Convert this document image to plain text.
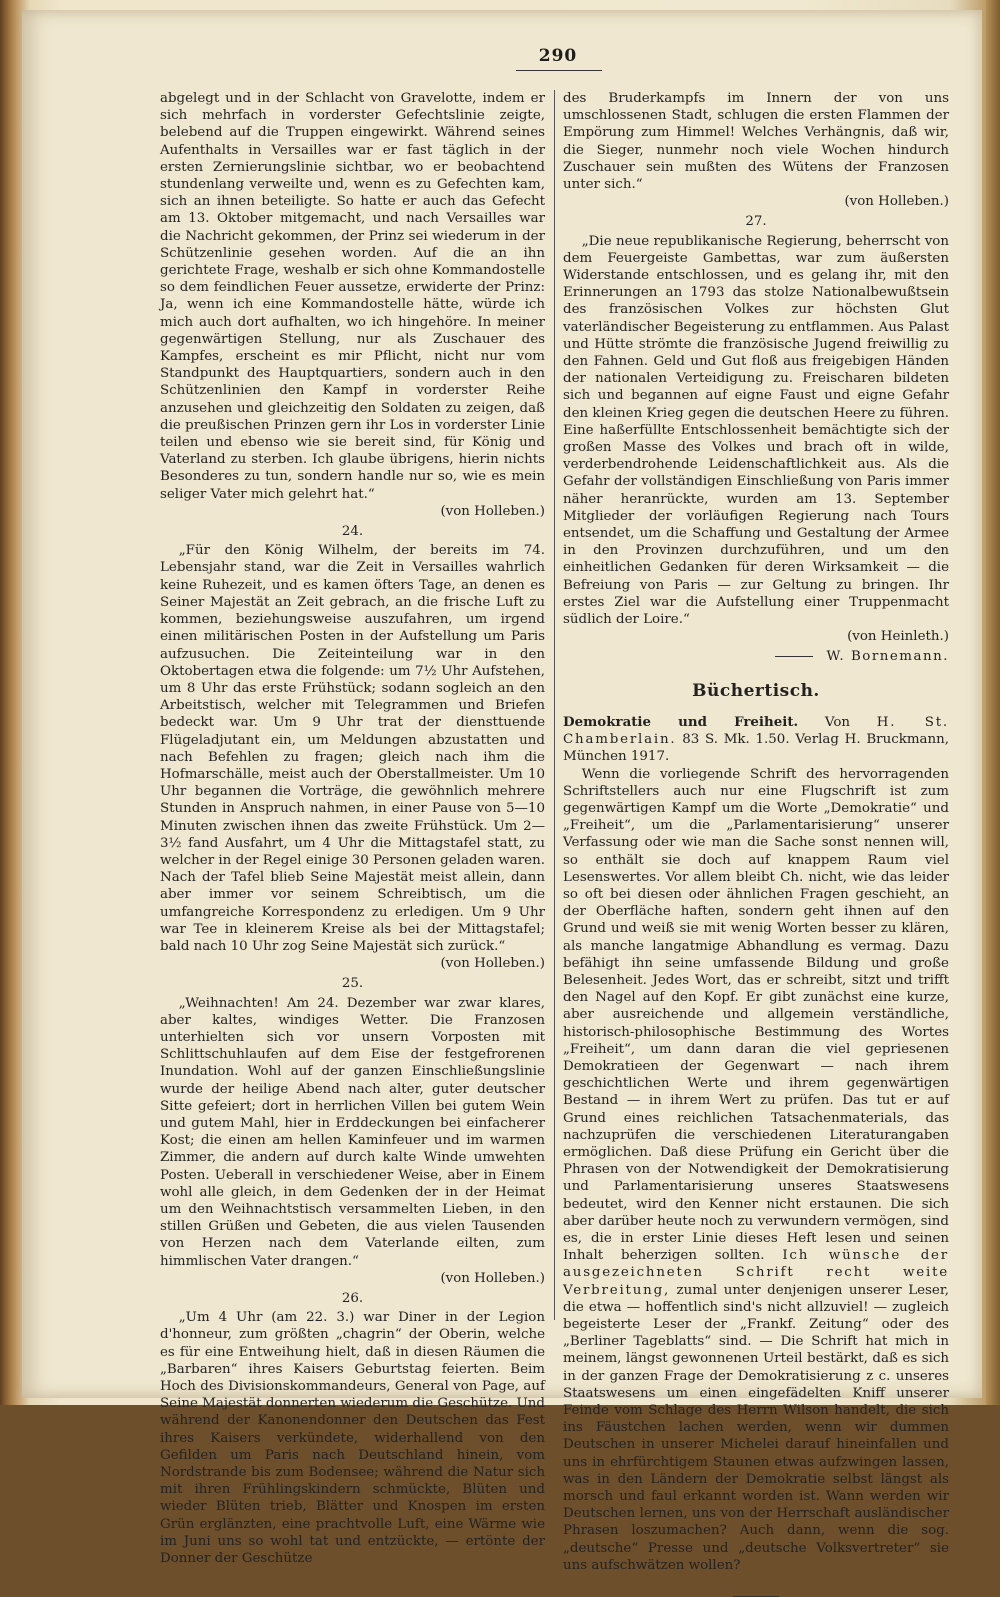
290

abgelegt und in der Schlacht von Gravelotte, indem er sich mehrfach in vorderster Gefechtslinie zeigte, belebend auf die Truppen eingewirkt. Während seines Aufenthalts in Versailles war er fast täglich in der ersten Zernierungslinie sichtbar, wo er beobachtend stundenlang verweilte und, wenn es zu Gefechten kam, sich an ihnen beteiligte. So hatte er auch das Gefecht am 13. Oktober mitgemacht, und nach Versailles war die Nachricht gekommen, der Prinz sei wiederum in der Schützenlinie gesehen worden. Auf die an ihn gerichtete Frage, weshalb er sich ohne Kommandostelle so dem feindlichen Feuer aussetze, erwiderte der Prinz: Ja, wenn ich eine Kommandostelle hätte, würde ich mich auch dort aufhalten, wo ich hingehöre. In meiner gegenwärtigen Stellung, nur als Zuschauer des Kampfes, erscheint es mir Pflicht, nicht nur vom Standpunkt des Hauptquartiers, sondern auch in den Schützenlinien den Kampf in vorderster Reihe anzusehen und gleichzeitig den Soldaten zu zeigen, daß die preußischen Prinzen gern ihr Los in vorderster Linie teilen und ebenso wie sie bereit sind, für König und Vaterland zu sterben. Ich glaube übrigens, hierin nichts Besonderes zu tun, sondern handle nur so, wie es mein seliger Vater mich gelehrt hat.“

(von Holleben.)
24.

„Für den König Wilhelm, der bereits im 74. Lebensjahr stand, war die Zeit in Versailles wahrlich keine Ruhezeit, und es kamen öfters Tage, an denen es Seiner Majestät an Zeit gebrach, an die frische Luft zu kommen, beziehungsweise auszufahren, um irgend einen militärischen Posten in der Aufstellung um Paris aufzusuchen. Die Zeiteinteilung war in den Oktobertagen etwa die folgende: um 7½ Uhr Aufstehen, um 8 Uhr das erste Frühstück; sodann sogleich an den Arbeitstisch, welcher mit Telegrammen und Briefen bedeckt war. Um 9 Uhr trat der diensttuende Flügeladjutant ein, um Meldungen abzustatten und nach Befehlen zu fragen; gleich nach ihm die Hofmarschälle, meist auch der Oberstallmeister. Um 10 Uhr begannen die Vorträge, die gewöhnlich mehrere Stunden in Anspruch nahmen, in einer Pause von 5—10 Minuten zwischen ihnen das zweite Frühstück. Um 2—3½ fand Ausfahrt, um 4 Uhr die Mittagstafel statt, zu welcher in der Regel einige 30 Personen geladen waren. Nach der Tafel blieb Seine Majestät meist allein, dann aber immer vor seinem Schreibtisch, um die umfangreiche Korrespondenz zu erledigen. Um 9 Uhr war Tee in kleinerem Kreise als bei der Mittagstafel; bald nach 10 Uhr zog Seine Majestät sich zurück.“

(von Holleben.)
25.

„Weihnachten! Am 24. Dezember war zwar klares, aber kaltes, windiges Wetter. Die Franzosen unterhielten sich vor unsern Vorposten mit Schlittschuhlaufen auf dem Eise der festgefrorenen Inundation. Wohl auf der ganzen Einschließungslinie wurde der heilige Abend nach alter, guter deutscher Sitte gefeiert; dort in herrlichen Villen bei gutem Wein und gutem Mahl, hier in Erddeckungen bei einfacherer Kost; die einen am hellen Kaminfeuer und im warmen Zimmer, die andern auf durch kalte Winde umwehten Posten. Ueberall in verschiedener Weise, aber in Einem wohl alle gleich, in dem Gedenken der in der Heimat um den Weihnachtstisch versammelten Lieben, in den stillen Grüßen und Gebeten, die aus vielen Tausenden von Herzen nach dem Vaterlande eilten, zum himmlischen Vater drangen.“

(von Holleben.)
26.

„Um 4 Uhr (am 22. 3.) war Diner in der Legion d'honneur, zum größten „chagrin“ der Oberin, welche es für eine Entweihung hielt, daß in diesen Räumen die „Barbaren“ ihres Kaisers Geburtstag feierten. Beim Hoch des Divisionskommandeurs, General von Page, auf Seine Majestät donnerten wiederum die Geschütze. Und während der Kanonendonner den Deutschen das Fest ihres Kaisers verkündete, widerhallend von den Gefilden um Paris nach Deutschland hinein, vom Nordstrande bis zum Bodensee; während die Natur sich mit ihren Frühlingskindern schmückte, Blüten und wieder Blüten trieb, Blätter und Knospen im ersten Grün erglänzten, eine prachtvolle Luft, eine Wärme wie im Juni uns so wohl tat und entzückte, — ertönte der Donner der Geschütze

des Bruderkampfs im Innern der von uns umschlossenen Stadt, schlugen die ersten Flammen der Empörung zum Himmel! Welches Verhängnis, daß wir, die Sieger, nunmehr noch viele Wochen hindurch Zuschauer sein mußten des Wütens der Franzosen unter sich.“

(von Holleben.)
27.

„Die neue republikanische Regierung, beherrscht von dem Feuergeiste Gambettas, war zum äußersten Widerstande entschlossen, und es gelang ihr, mit den Erinnerungen an 1793 das stolze Nationalbewußtsein des französischen Volkes zur höchsten Glut vaterländischer Begeisterung zu entflammen. Aus Palast und Hütte strömte die französische Jugend freiwillig zu den Fahnen. Geld und Gut floß aus freigebigen Händen der nationalen Verteidigung zu. Freischaren bildeten sich und begannen auf eigne Faust und eigne Gefahr den kleinen Krieg gegen die deutschen Heere zu führen. Eine haßerfüllte Entschlossenheit bemächtigte sich der großen Masse des Volkes und brach oft in wilde, verderbendrohende Leidenschaftlichkeit aus. Als die Gefahr der vollständigen Einschließung von Paris immer näher heranrückte, wurden am 13. September Mitglieder der vorläufigen Regierung nach Tours entsendet, um die Schaffung und Gestaltung der Armee in den Provinzen durchzuführen, und um den einheitlichen Gedanken für deren Wirksamkeit — die Befreiung von Paris — zur Geltung zu bringen. Ihr erstes Ziel war die Aufstellung einer Truppenmacht südlich der Loire.“

(von Heinleth.)
W. Bornemann.
Büchertisch.

Demokratie und Freiheit. Von H. St. Chamberlain. 83 S. Mk. 1.50. Verlag H. Bruckmann, München 1917.

Wenn die vorliegende Schrift des hervorragenden Schriftstellers auch nur eine Flugschrift ist zum gegenwärtigen Kampf um die Worte „Demokratie“ und „Freiheit“, um die „Parlamentarisierung“ unserer Verfassung oder wie man die Sache sonst nennen will, so enthält sie doch auf knappem Raum viel Lesenswertes. Vor allem bleibt Ch. nicht, wie das leider so oft bei diesen oder ähnlichen Fragen geschieht, an der Oberfläche haften, sondern geht ihnen auf den Grund und weiß sie mit wenig Worten besser zu klären, als manche langatmige Abhandlung es vermag. Dazu befähigt ihn seine umfassende Bildung und große Belesenheit. Jedes Wort, das er schreibt, sitzt und trifft den Nagel auf den Kopf. Er gibt zunächst eine kurze, aber ausreichende und allgemein verständliche, historisch-philosophische Bestimmung des Wortes „Freiheit“, um dann daran die viel gepriesenen Demokratieen der Gegenwart — nach ihrem geschichtlichen Werte und ihrem gegenwärtigen Bestand — in ihrem Wert zu prüfen. Das tut er auf Grund eines reichlichen Tatsachenmaterials, das nachzuprüfen die verschiedenen Literaturangaben ermöglichen. Daß diese Prüfung ein Gericht über die Phrasen von der Notwendigkeit der Demokratisierung und Parlamentarisierung unseres Staatswesens bedeutet, wird den Kenner nicht erstaunen. Die sich aber darüber heute noch zu verwundern vermögen, sind es, die in erster Linie dieses Heft lesen und seinen Inhalt beherzigen sollten. Ich wünsche der ausgezeichneten Schrift recht weite Verbreitung, zumal unter denjenigen unserer Leser, die etwa — hoffentlich sind's nicht allzuviel! — zugleich begeisterte Leser der „Frankf. Zeitung“ oder des „Berliner Tageblatts“ sind. — Die Schrift hat mich in meinem, längst gewonnenen Urteil bestärkt, daß es sich in der ganzen Frage der Demokratisierung z c. unseres Staatswesens um einen eingefädelten Kniff unserer Feinde vom Schlage des Herrn Wilson handelt, die sich ins Fäustchen lachen werden, wenn wir dummen Deutschen in unserer Michelei darauf hineinfallen und uns in ehrfürchtigem Staunen etwas aufzwingen lassen, was in den Ländern der Demokratie selbst längst als morsch und faul erkannt worden ist. Wann werden wir Deutschen lernen, uns von der Herrschaft ausländischer Phrasen loszumachen? Auch dann, wenn die sog. „deutsche“ Presse und „deutsche Volksvertreter“ sie uns aufschwätzen wollen?
